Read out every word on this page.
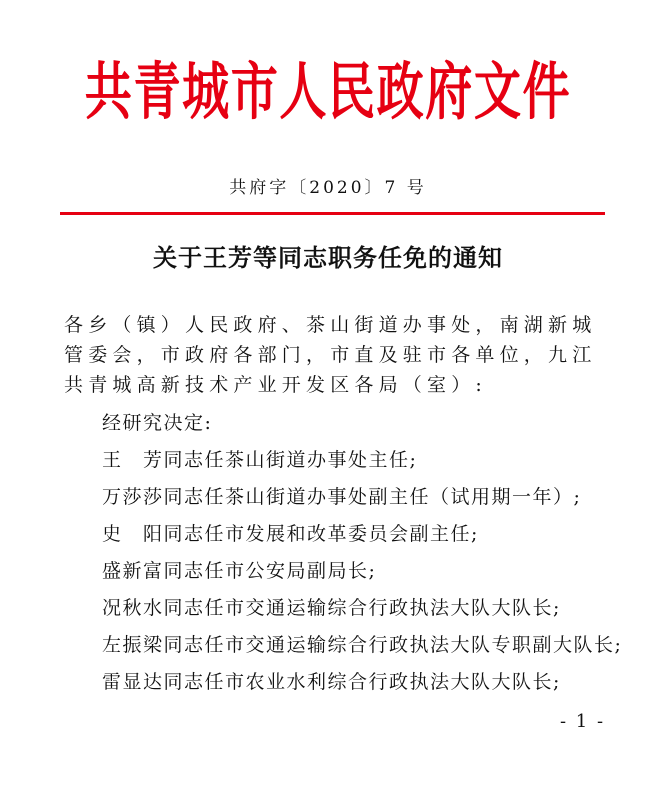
共青城市人民政府文件
共府字〔2020〕7 号
关于王芳等同志职务任免的通知
各乡（镇）人民政府、茶山街道办事处，南湖新城管委会，市政府各部门，市直及驻市各单位，九江共青城高新技术产业开发区各局（室）:
经研究决定:
王　芳同志任茶山街道办事处主任;
万莎莎同志任茶山街道办事处副主任（试用期一年）;
史　阳同志任市发展和改革委员会副主任;
盛新富同志任市公安局副局长;
况秋水同志任市交通运输综合行政执法大队大队长;
左振梁同志任市交通运输综合行政执法大队专职副大队长;
雷显达同志任市农业水利综合行政执法大队大队长;
- 1 -
